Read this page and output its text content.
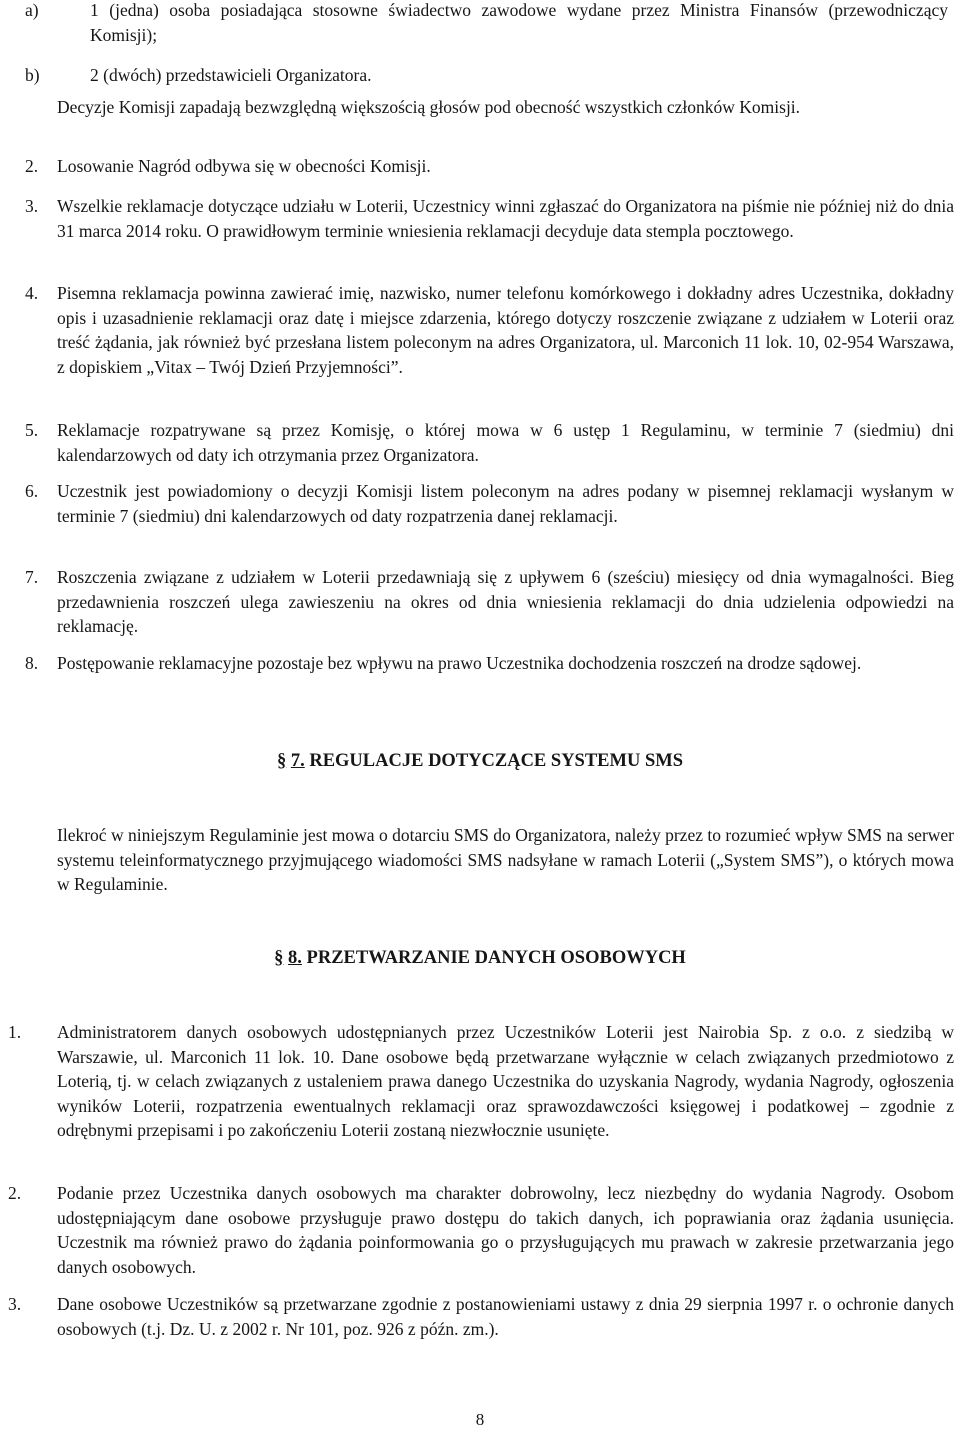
a)	1 (jedna) osoba posiadająca stosowne świadectwo zawodowe wydane przez Ministra Finansów (przewodniczący Komisji);
b)	2 (dwóch) przedstawicieli Organizatora.
Decyzje Komisji zapadają bezwzględną większością głosów pod obecność wszystkich członków Komisji.
2. Losowanie Nagród odbywa się w obecności Komisji.
3. Wszelkie reklamacje dotyczące udziału w Loterii, Uczestnicy winni zgłaszać do Organizatora na piśmie nie później niż do dnia 31 marca 2014 roku. O prawidłowym terminie wniesienia reklamacji decyduje data stempla pocztowego.
4. Pisemna reklamacja powinna zawierać imię, nazwisko, numer telefonu komórkowego i dokładny adres Uczestnika, dokładny opis i uzasadnienie reklamacji oraz datę i miejsce zdarzenia, którego dotyczy roszczenie związane z udziałem w Loterii oraz treść żądania, jak również być przesłana listem poleconym na adres Organizatora, ul. Marconich 11 lok. 10, 02-954 Warszawa, z dopiskiem „Vitax – Twój Dzień Przyjemności”.
5. Reklamacje rozpatrywane są przez Komisję, o której mowa w 6 ustęp 1 Regulaminu, w terminie 7 (siedmiu) dni kalendarzowych od daty ich otrzymania przez Organizatora.
6. Uczestnik jest powiadomiony o decyzji Komisji listem poleconym na adres podany w pisemnej reklamacji wysłanym w terminie 7 (siedmiu) dni kalendarzowych od daty rozpatrzenia danej reklamacji.
7. Roszczenia związane z udziałem w Loterii przedawniają się z upływem 6 (sześciu) miesięcy od dnia wymagalności. Bieg przedawnienia roszczeń ulega zawieszeniu na okres od dnia wniesienia reklamacji do dnia udzielenia odpowiedzi na reklamację.
8. Postępowanie reklamacyjne pozostaje bez wpływu na prawo Uczestnika dochodzenia roszczeń na drodze sądowej.
§ 7. REGULACJE DOTYCZĄCE SYSTEMU SMS
Ilekroć w niniejszym Regulaminie jest mowa o dotarciu SMS do Organizatora, należy przez to rozumieć wpływ SMS na serwer systemu teleinformatycznego przyjmującego wiadomości SMS nadsyłane w ramach Loterii („System SMS”), o których mowa w Regulaminie.
§ 8. PRZETWARZANIE DANYCH OSOBOWYCH
1. Administratorem danych osobowych udostępnianych przez Uczestników Loterii jest Nairobia Sp. z o.o. z siedzibą w Warszawie, ul. Marconich 11 lok. 10. Dane osobowe będą przetwarzane wyłącznie w celach związanych przedmiotowo z Loterią, tj. w celach związanych z ustaleniem prawa danego Uczestnika do uzyskania Nagrody, wydania Nagrody, ogłoszenia wyników Loterii, rozpatrzenia ewentualnych reklamacji oraz sprawozdawczości księgowej i podatkowej – zgodnie z odrębnymi przepisami i po zakończeniu Loterii zostaną niezwłocznie usunięte.
2. Podanie przez Uczestnika danych osobowych ma charakter dobrowolny, lecz niezbędny do wydania Nagrody. Osobom udostępniającym dane osobowe przysługuje prawo dostępu do takich danych, ich poprawiania oraz żądania usunięcia. Uczestnik ma również prawo do żądania poinformowania go o przysługujących mu prawach w zakresie przetwarzania jego danych osobowych.
3. Dane osobowe Uczestników są przetwarzane zgodnie z postanowieniami ustawy z dnia 29 sierpnia 1997 r. o ochronie danych osobowych (t.j. Dz. U. z 2002 r. Nr 101, poz. 926 z późn. zm.).
8
